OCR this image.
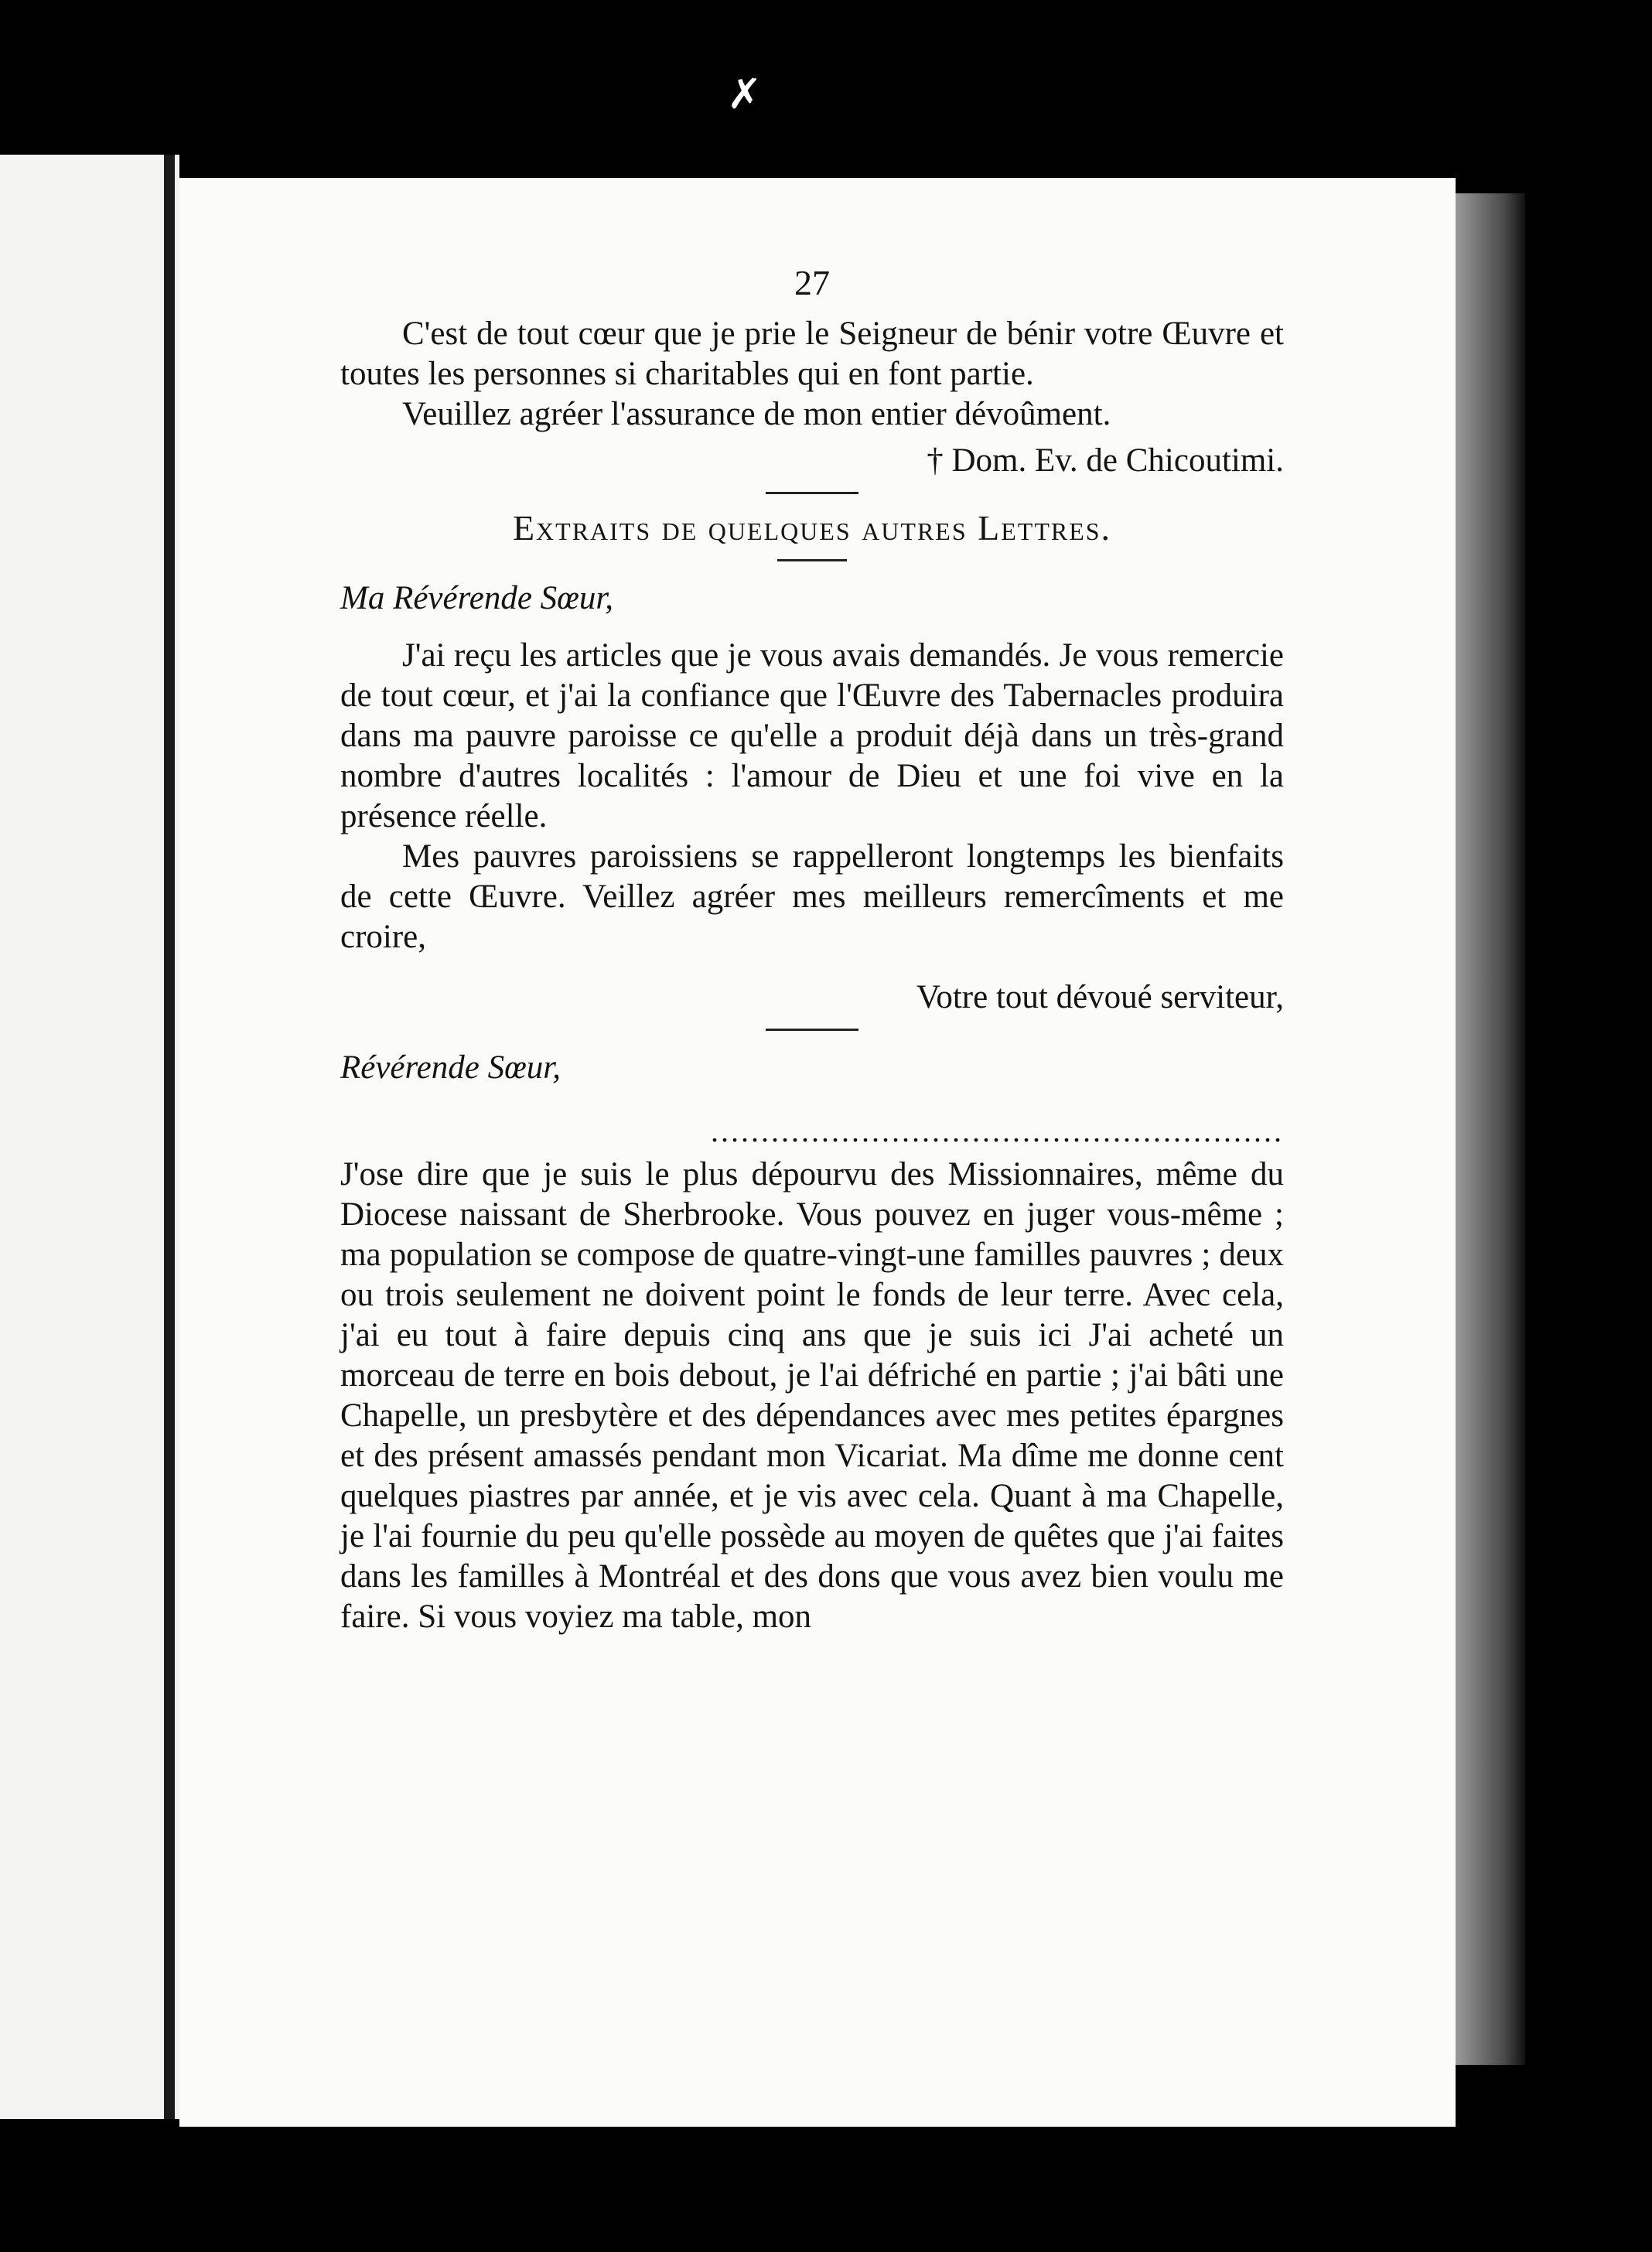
✗
27

C'est de tout cœur que je prie le Seigneur de bénir votre Œuvre et toutes les personnes si charitables qui en font partie.

Veuillez agréer l'assurance de mon entier dévoûment.

† Dom. Ev. de Chicoutimi.
Extraits de quelques autres Lettres.
Ma Révérende Sœur,

J'ai reçu les articles que je vous avais demandés. Je vous remercie de tout cœur, et j'ai la confiance que l'Œuvre des Tabernacles produira dans ma pauvre paroisse ce qu'elle a produit déjà dans un très-grand nombre d'autres localités : l'amour de Dieu et une foi vive en la présence réelle.

Mes pauvres paroissiens se rappelleront longtemps les bienfaits de cette Œuvre. Veillez agréer mes meilleurs remercîments et me croire,

Votre tout dévoué serviteur,
Révérende Sœur,
.........................................................

J'ose dire que je suis le plus dépourvu des Missionnaires, même du Diocese naissant de Sherbrooke. Vous pouvez en juger vous-même ; ma population se compose de quatre-vingt-une familles pauvres ; deux ou trois seulement ne doivent point le fonds de leur terre. Avec cela, j'ai eu tout à faire depuis cinq ans que je suis ici J'ai acheté un morceau de terre en bois debout, je l'ai défriché en partie ; j'ai bâti une Chapelle, un presbytère et des dépendances avec mes petites épargnes et des présent amassés pendant mon Vicariat. Ma dîme me donne cent quelques piastres par année, et je vis avec cela. Quant à ma Chapelle, je l'ai fournie du peu qu'elle possède au moyen de quêtes que j'ai faites dans les familles à Montréal et des dons que vous avez bien voulu me faire. Si vous voyiez ma table, mon
